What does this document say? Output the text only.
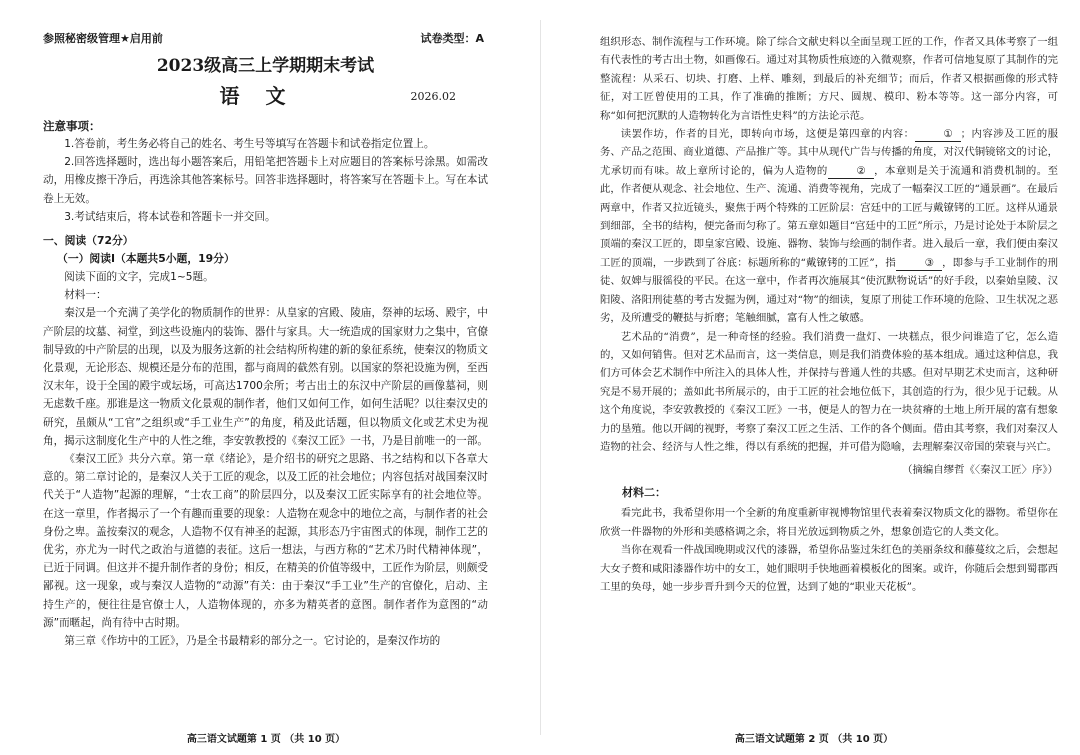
参照秘密级管理★启用前	试卷类型：A
2023级高三上学期期末考试
语文	2026.02
注意事项：

1.答卷前，考生务必将自己的姓名、考生号等填写在答题卡和试卷指定位置上。

2.回答选择题时，选出每小题答案后，用铅笔把答题卡上对应题目的答案标号涂黑。如需改动，用橡皮擦干净后，再选涂其他答案标号。回答非选择题时，将答案写在答题卡上。写在本试卷上无效。

3.考试结束后，将本试卷和答题卡一并交回。

一、阅读（72分）
（一）阅读Ⅰ（本题共5小题，19分）

阅读下面的文字，完成1~5题。

材料一：

秦汉是一个充满了美学化的物质制作的世界：从皇家的宫殿、陵庙，祭神的坛场、殿宇，中产阶层的坟墓、祠堂，到这些设施内的装饰、器什与家具。大一统造成的国家财力之集中，官僚制导致的中产阶层的出现，以及为服务这新的社会结构所构建的新的象征系统，使秦汉的物质文化景观，无论形态、规模还是分布的范围，都与商周的截然有别。以国家的祭祀设施为例，至西汉末年，设于全国的殿宇或坛场，可高达1700余所；考古出土的东汉中产阶层的画像墓祠，则无虑数千座。那谁是这一物质文化景观的制作者，他们又如何工作，如何生活呢？以往秦汉史的研究，虽颇从“工官”之组织或“手工业生产”的角度，稍及此话题，但以物质文化或艺术史为视角，揭示这制度化生产中的人性之维，李安敦教授的《秦汉工匠》一书，乃是目前唯一的一部。

《秦汉工匠》共分六章。第一章《绪论》，是介绍书的研究之思路、书之结构和以下各章大意的。第二章讨论的，是秦汉人关于工匠的观念，以及工匠的社会地位；内容包括对战国秦汉时代关于“人造物”起源的理解，“士农工商”的阶层四分，以及秦汉工匠实际享有的社会地位等。在这一章里，作者揭示了一个有趣而重要的现象：人造物在观念中的地位之高，与制作者的社会身份之卑。盖按秦汉的观念，人造物不仅有神圣的起源，其形态乃宇宙图式的体现，制作工艺的优劣，亦尤为一时代之政治与道德的表征。这后一想法，与西方称的“艺术乃时代精神体现”，已近于同调。但这并不提升制作者的身份；相反，在精美的价值等级中，工匠作为阶层，则颇受鄙视。这一现象，或与秦汉人造物的“动源”有关：由于秦汉“手工业”生产的官僚化，启动、主持生产的，便往往是官僚士人，人造物体现的，亦多为精英者的意图。制作者作为意图的“动源”而暱起，尚有待中古时期。

第三章《作坊中的工匠》，乃是全书最精彩的部分之一。它讨论的，是秦汉作坊的

高三语文试题第 1 页 （共 10 页）

组织形态、制作流程与工作环境。除了综合文献史料以全面呈现工匠的工作，作者又具体考察了一组有代表性的考古出土物，如画像石。通过对其物质性痕迹的入微观察，作者可信地复原了其制作的完整流程：从采石、切块、打磨、上样、雕刻，到最后的补充细节；而后，作者又根据画像的形式特征，对工匠曾使用的工具，作了准确的推断；方尺、圆规、模印、粉本等等。这一部分内容，可称“如何把沉默的人造物转化为言语性史料”的方法论示范。

读罢作坊，作者的目光，即转向市场，这便是第四章的内容：	① ；内容涉及工匠的服务、产品之范围、商业道德、产品推广等。其中从现代广告与传播的角度，对汉代铜镜铭文的讨论，尤承切而有味。故上章所讨论的，偏为人造物的	② ，本章则是关于流通和消费机制的。至此，作者便从观念、社会地位、生产、流通、消费等视角，完成了一幅秦汉工匠的“通景画”。在最后两章中，作者又拉近镜头，聚焦于两个特殊的工匠阶层：宫廷中的工匠与戴镣铐的工匠。这样从通景到细部，全书的结构，便完备而匀称了。第五章如题目“宫廷中的工匠”所示，乃是讨论处于本阶层之顶端的秦汉工匠的，即皇家宫殿、设施、器物、装饰与绘画的制作者。进入最后一章，我们便由秦汉工匠的顶端，一步跌到了谷底：标题所称的“戴镣铐的工匠”，指	③ ，即参与手工业制作的刑徒、奴婢与服徭役的平民。在这一章中，作者再次施展其“使沉默物说话”的好手段，以秦始皇陵、汉阳陵、洛阳刑徒墓的考古发掘为例，通过对“物”的细读，复原了刑徒工作环境的危险、卫生状况之恶劣，及所遭受的鞭挞与折磨；笔触细腻，富有人性之敏感。

艺术品的“消费”，是一种奇怪的经验。我们消费一盘灯、一块糕点，很少问谁造了它，怎么造的，又如何销售。但对艺术品而言，这一类信息，则是我们消费体验的基本组成。通过这种信息，我们方可体会艺术制作中所注入的具体人性，并保持与普通人性的共感。但对早期艺术史而言，这种研究是不易开展的；盖如此书所展示的，由于工匠的社会地位低下，其创造的行为，很少见于记载。从这个角度说，李安敦教授的《秦汉工匠》一书，便是人的智力在一块贫瘠的土地上所开展的富有想象力的垦殖。他以开阔的视野，考察了秦汉工匠之生活、工作的各个侧面。借由其考察，我们对秦汉人造物的社会、经济与人性之维，得以有系统的把握，并可借为隐喻，去理解秦汉帝国的荣衰与兴亡。

（摘编自缪哲《〈秦汉工匠〉序》）
材料二：

看完此书，我希望你用一个全新的角度重新审视博物馆里代表着秦汉物质文化的器物。希望你在欣赏一件器物的外形和美感格调之余，将目光放远到物质之外，想象创造它的人类文化。

当你在观看一件战国晚期或汉代的漆器，希望你品鉴过朱红色的美丽条纹和藤蔓纹之后，会想起大女子赘和咸阳漆器作坊中的女工，她们眼明手快地画着模板化的图案。或许，你随后会想到蜀郡西工里的奂母，她一步步晋升到今天的位置，达到了她的“职业天花板”。

高三语文试题第 2 页 （共 10 页）
